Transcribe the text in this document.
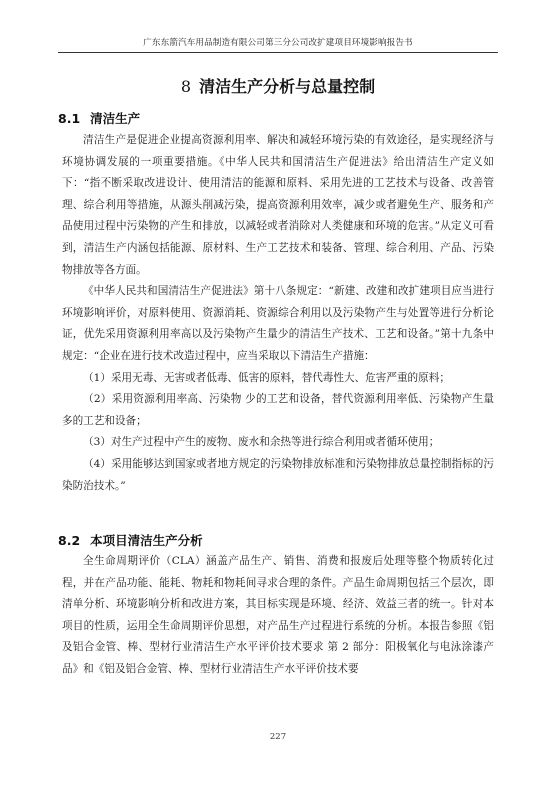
广东东箭汽车用品制造有限公司第三分公司改扩建项目环境影响报告书
8 清洁生产分析与总量控制
8.1 清洁生产

清洁生产是促进企业提高资源利用率、解决和减轻环境污染的有效途径，是实现经济与环境协调发展的一项重要措施。《中华人民共和国清洁生产促进法》给出清洁生产定义如下：“指不断采取改进设计、使用清洁的能源和原料、采用先进的工艺技术与设备、改善管理、综合利用等措施，从源头削减污染，提高资源利用效率，减少或者避免生产、服务和产品使用过程中污染物的产生和排放，以减轻或者消除对人类健康和环境的危害。”从定义可看到，清洁生产内涵包括能源、原材料、生产工艺技术和装备、管理、综合利用、产品、污染物排放等各方面。

《中华人民共和国清洁生产促进法》第十八条规定：“新建、改建和改扩建项目应当进行环境影响评价，对原料使用、资源消耗、资源综合利用以及污染物产生与处置等进行分析论证，优先采用资源利用率高以及污染物产生量少的清洁生产技术、工艺和设备。”第十九条中规定：“企业在进行技术改造过程中，应当采取以下清洁生产措施：

（1）采用无毒、无害或者低毒、低害的原料，替代毒性大、危害严重的原料；

（2）采用资源利用率高、污染物 少的工艺和设备，替代资源利用率低、污染物产生量多的工艺和设备；

（3）对生产过程中产生的废物、废水和余热等进行综合利用或者循环使用；

（4）采用能够达到国家或者地方规定的污染物排放标准和污染物排放总量控制指标的污染防治技术。”

8.2 本项目清洁生产分析

全生命周期评价（CLA）涵盖产品生产、销售、消费和报废后处理等整个物质转化过程，并在产品功能、能耗、物耗和物耗间寻求合理的条件。产品生命周期包括三个层次，即清单分析、环境影响分析和改进方案，其目标实现是环境、经济、效益三者的统一。针对本项目的性质，运用全生命周期评价思想，对产品生产过程进行系统的分析。本报告参照《铝及铝合金管、棒、型材行业清洁生产水平评价技术要求 第 2 部分：阳极氧化与电泳涂漆产品》和《铝及铝合金管、棒、型材行业清洁生产水平评价技术要

227
